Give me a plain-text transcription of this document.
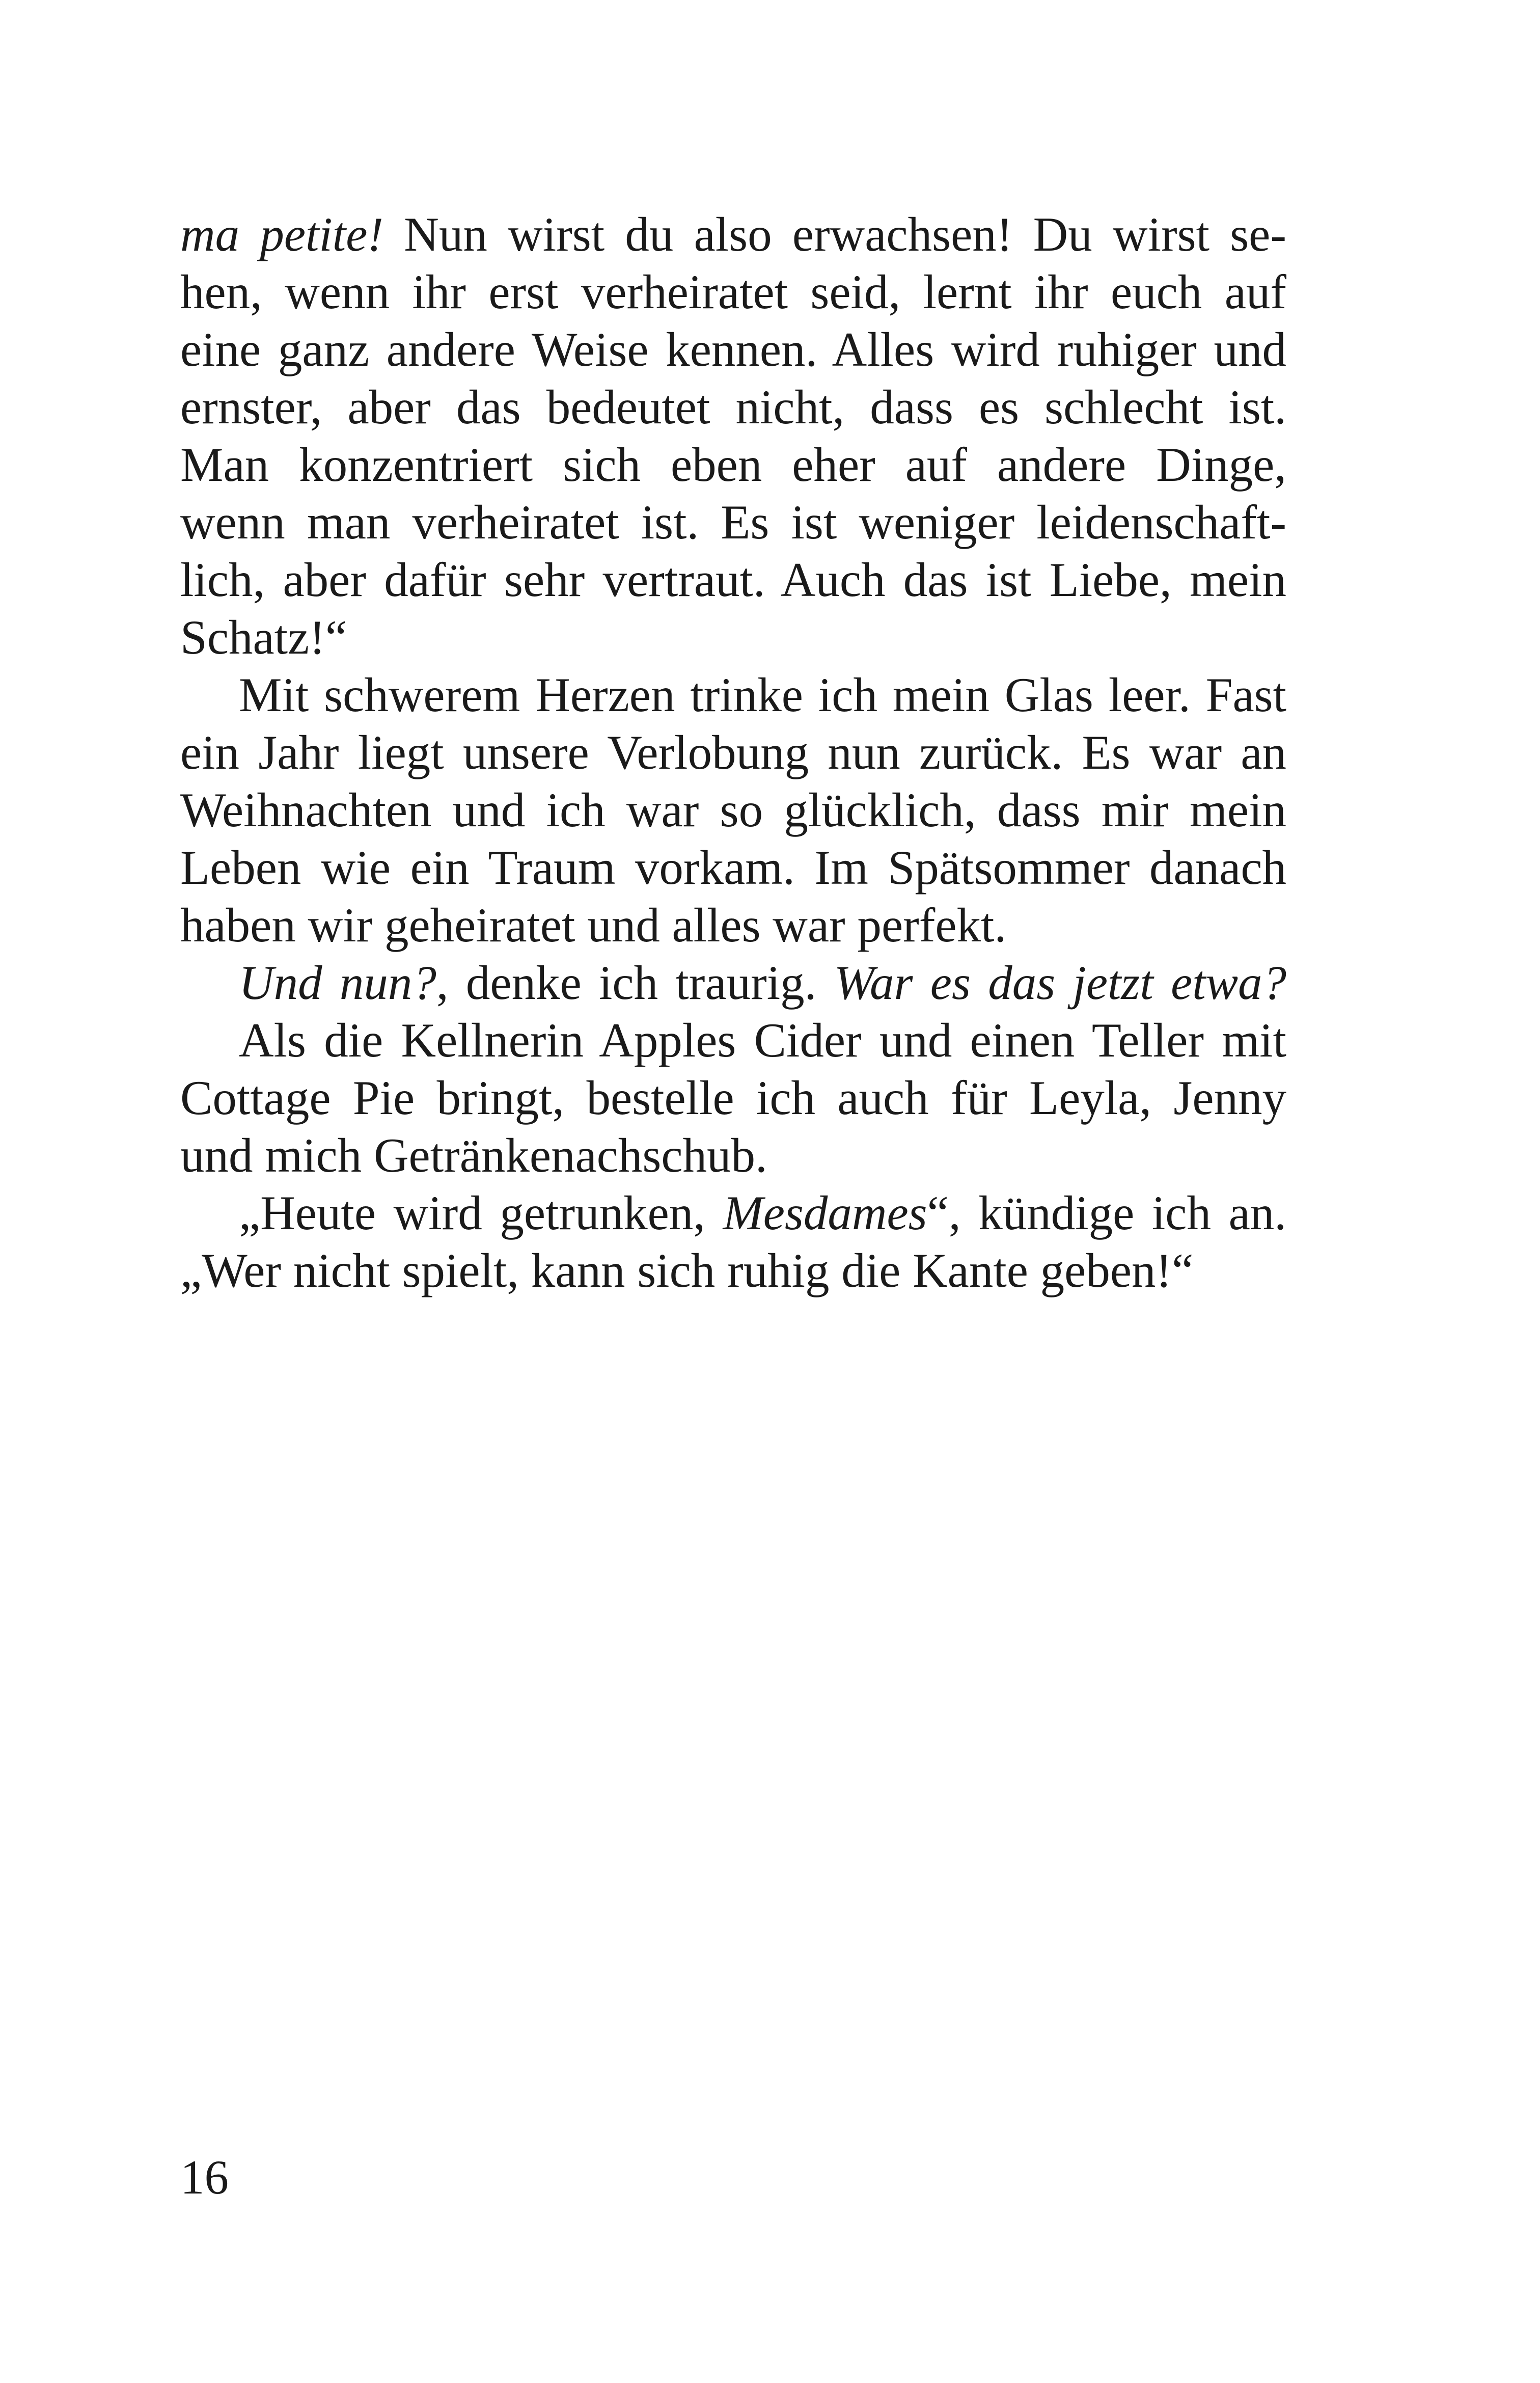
ma petite! Nun wirst du also erwachsen! Du wirst se-
hen, wenn ihr erst verheiratet seid, lernt ihr euch auf
eine ganz andere Weise kennen. Alles wird ruhiger und
ernster, aber das bedeutet nicht, dass es schlecht ist.
Man konzentriert sich eben eher auf andere Dinge,
wenn man verheiratet ist. Es ist weniger leidenschaft-
lich, aber dafür sehr vertraut. Auch das ist Liebe, mein
Schatz!“
Mit schwerem Herzen trinke ich mein Glas leer. Fast
ein Jahr liegt unsere Verlobung nun zurück. Es war an
Weihnachten und ich war so glücklich, dass mir mein
Leben wie ein Traum vorkam. Im Spätsommer danach
haben wir geheiratet und alles war perfekt.
Und nun?, denke ich traurig. War es das jetzt etwa?
Als die Kellnerin Apples Cider und einen Teller mit
Cottage Pie bringt, bestelle ich auch für Leyla, Jenny
und mich Getränkenachschub.
„Heute wird getrunken, Mesdames“, kündige ich an.
„Wer nicht spielt, kann sich ruhig die Kante geben!“
16
